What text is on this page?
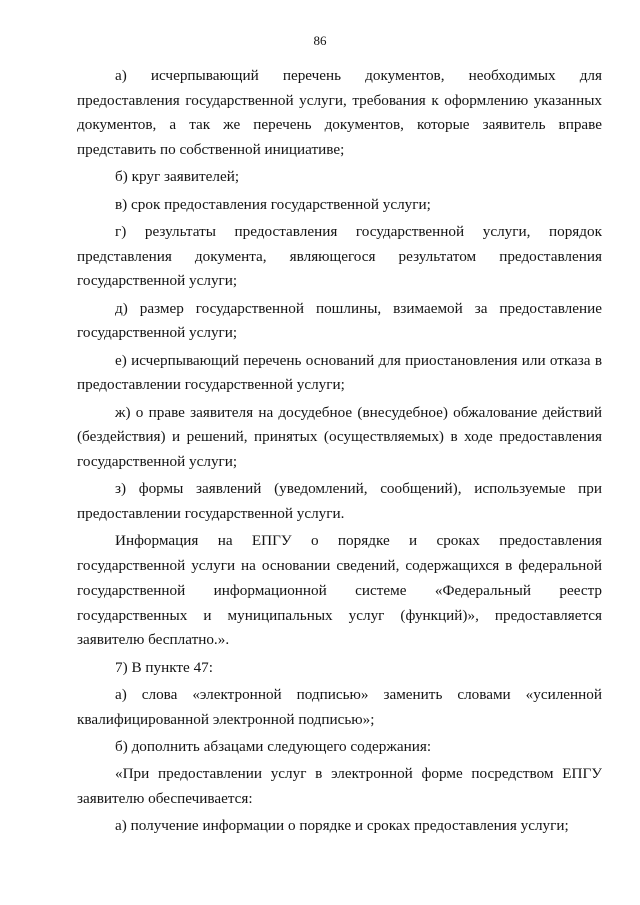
86

а) исчерпывающий перечень документов, необходимых для предоставления государственной услуги, требования к оформлению указанных документов, а так же перечень документов, которые заявитель вправе представить по собственной инициативе;

б) круг заявителей;

в) срок предоставления государственной услуги;

г) результаты предоставления государственной услуги, порядок представления документа, являющегося результатом предоставления государственной услуги;

д) размер государственной пошлины, взимаемой за предоставление государственной услуги;

е) исчерпывающий перечень оснований для приостановления или отказа в предоставлении государственной услуги;

ж) о праве заявителя на досудебное (внесудебное) обжалование действий (бездействия) и решений, принятых (осуществляемых) в ходе предоставления государственной услуги;

з) формы заявлений (уведомлений, сообщений), используемые при предоставлении государственной услуги.

Информация на ЕПГУ о порядке и сроках предоставления государственной услуги на основании сведений, содержащихся в федеральной государственной информационной системе «Федеральный реестр государственных и муниципальных услуг (функций)», предоставляется заявителю бесплатно.».

7) В пункте 47:

а) слова «электронной подписью» заменить словами «усиленной квалифицированной электронной подписью»;

б) дополнить абзацами следующего содержания:

«При предоставлении услуг в электронной форме посредством ЕПГУ заявителю обеспечивается:

а) получение информации о порядке и сроках предоставления услуги;
